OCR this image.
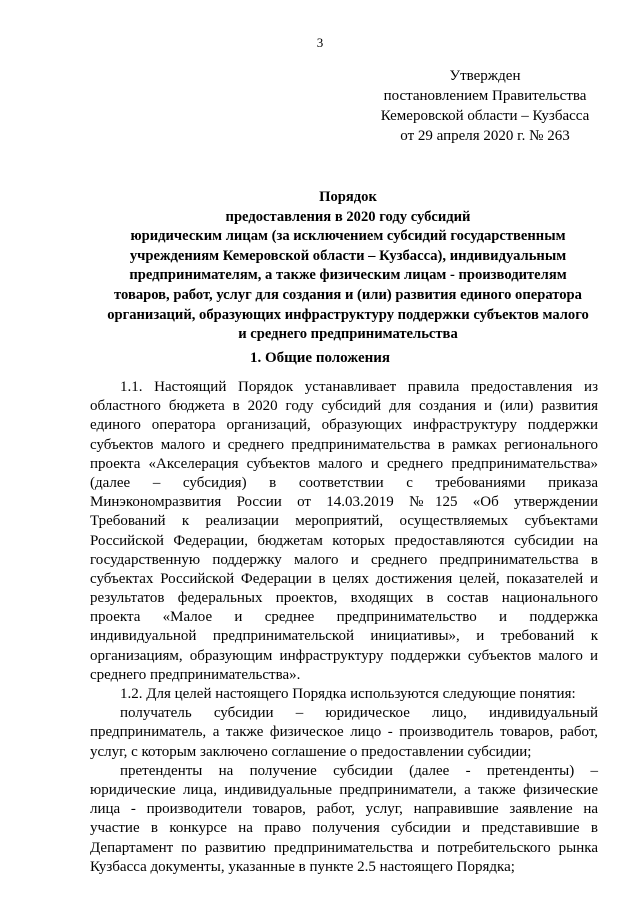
3
Утвержден
постановлением Правительства
Кемеровской области – Кузбасса
от 29 апреля 2020 г. № 263
Порядок
предоставления в 2020 году субсидий
юридическим лицам (за исключением субсидий государственным
учреждениям Кемеровской области – Кузбасса), индивидуальным
предпринимателям, а также физическим лицам - производителям
товаров, работ, услуг для создания и (или) развития единого оператора
организаций, образующих инфраструктуру поддержки субъектов малого
и среднего предпринимательства
1. Общие положения
1.1. Настоящий Порядок устанавливает правила предоставления из
областного бюджета в 2020 году субсидий для создания и (или) развития
единого оператора организаций, образующих инфраструктуру поддержки
субъектов малого и среднего предпринимательства в рамках регионального
проекта «Акселерация субъектов малого и среднего предпринимательства»
(далее – субсидия) в соответствии с требованиями приказа
Минэкономразвития России от 14.03.2019 №125 «Об утверждении
Требований к реализации мероприятий, осуществляемых субъектами
Российской Федерации, бюджетам которых предоставляются субсидии на
государственную поддержку малого и среднего предпринимательства в
субъектах Российской Федерации в целях достижения целей, показателей и
результатов федеральных проектов, входящих в состав национального
проекта «Малое и среднее предпринимательство и поддержка
индивидуальной предпринимательской инициативы», и требований к
организациям, образующим инфраструктуру поддержки субъектов малого и
среднего предпринимательства».
1.2. Для целей настоящего Порядка используются следующие понятия:
получатель субсидии – юридическое лицо, индивидуальный
предприниматель, а также физическое лицо - производитель товаров, работ,
услуг, с которым заключено соглашение о предоставлении субсидии;
претенденты на получение субсидии (далее - претенденты) –
юридические лица, индивидуальные предприниматели, а также физические
лица - производители товаров, работ, услуг, направившие заявление на
участие в конкурсе на право получения субсидии и представившие в
Департамент по развитию предпринимательства и потребительского рынка
Кузбасса документы, указанные в пункте 2.5 настоящего Порядка;
